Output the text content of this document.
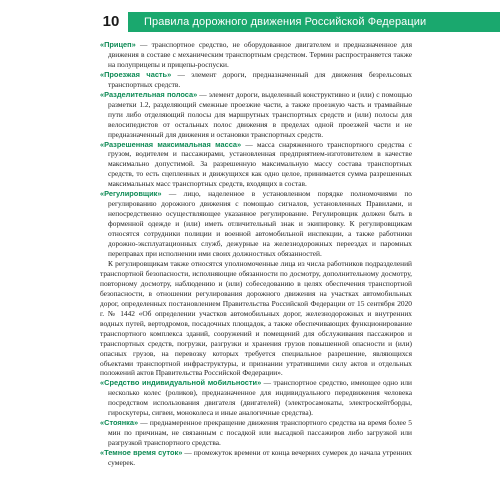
10	Правила дорожного движения Российской Федерации

«Прицеп» — транспортное средство, не оборудованное двигателем и предназначенное для движения в составе с механическим транспортным средством. Термин распространяется также на полуприцепы и прицепы-роспуски.

«Проезжая часть» — элемент дороги, предназначенный для движения безрельсовых транспортных средств.

«Разделительная полоса» — элемент дороги, выделенный конструктивно и (или) с помощью разметки 1.2, разделяющий смежные проезжие части, а также проезжую часть и трамвайные пути либо отделяющий полосы для маршрутных транспортных средств и (или) полосы для велосипедистов от остальных полос движения в пределах одной проезжей части и не предназначенный для движения и остановки транспортных средств.

«Разрешенная максимальная масса» — масса снаряженного транспортного средства с грузом, водителем и пассажирами, установленная предприятием-изготовителем в качестве максимально допустимой. За разрешенную максимальную массу состава транспортных средств, то есть сцепленных и движущихся как одно целое, принимается сумма разрешенных максимальных масс транспортных средств, входящих в состав.

«Регулировщик» — лицо, наделенное в установленном порядке полномочиями по регулированию дорожного движения с помощью сигналов, установленных Правилами, и непосредственно осуществляющее указанное регулирование. Регулировщик должен быть в форменной одежде и (или) иметь отличительный знак и экипировку. К регулировщикам относятся сотрудники полиции и военной автомобильной инспекции, а также работники дорожно-эксплуатационных служб, дежурные на железнодорожных переездах и паромных переправах при исполнении ими своих должностных обязанностей.

К регулировщикам также относятся уполномоченные лица из числа работников подразделений транспортной безопасности, исполняющие обязанности по досмотру, дополнительному досмотру, повторному досмотру, наблюдению и (или) собеседованию в целях обеспечения транспортной безопасности, в отношении регулирования дорожного движения на участках автомобильных дорог, определенных постановлением Правительства Российской Федерации от 15 сентября 2020 г. № 1442 «Об определении участков автомобильных дорог, железнодорожных и внутренних водных путей, вертодромов, посадочных площадок, а также обеспечивающих функционирование транспортного комплекса зданий, сооружений и помещений для обслуживания пассажиров и транспортных средств, погрузки, разгрузки и хранения грузов повышенной опасности и (или) опасных грузов, на перевозку которых требуется специальное разрешение, являющихся объектами транспортной инфраструктуры, и признании утратившими силу актов и отдельных положений актов Правительства Российской Федерации».

«Средство индивидуальной мобильности» — транспортное средство, имеющее одно или несколько колес (роликов), предназначенное для индивидуального передвижения человека посредством использования двигателя (двигателей) (электросамокаты, электроскейтборды, гироскутеры, сигвеи, моноколеса и иные аналогичные средства).

«Стоянка» — преднамеренное прекращение движения транспортного средства на время более 5 мин по причинам, не связанным с посадкой или высадкой пассажиров либо загрузкой или разгрузкой транспортного средства.

«Темное время суток» — промежуток времени от конца вечерних сумерек до начала утренних сумерек.
